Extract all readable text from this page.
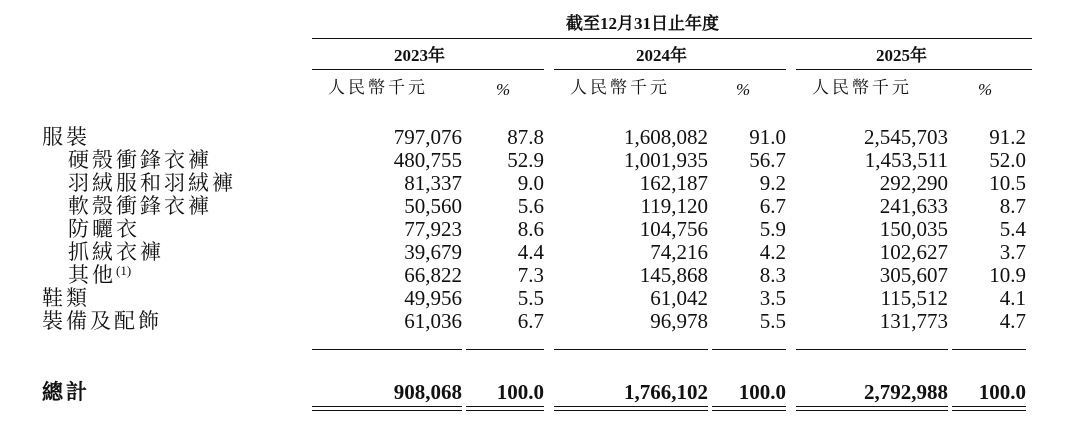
截至12月31日止年度
2023年	2024年	2025年
人民幣千元	%	人民幣千元	%	人民幣千元	%
服裝	797,076 87.8	1,608,082 91.0	2,545,703 91.2
硬殼衝鋒衣褲	480,755 52.9	1,001,935 56.7	1,453,511 52.0
羽絨服和羽絨褲	81,337	9.0	162,187 9.2	292,290 10.5
軟殼衝鋒衣褲	50,560	5.6	119,120 6.7	241,633 8.7
防曬衣	77,923	8.6	104,756 5.9	150,035 5.4
抓絨衣褲	39,679	4.4	74,216 4.2	102,627 3.7
其他$^{(1)}$	66,822	7.3	145,868 8.3	305,607 10.9
鞋類	49,956	5.5	61,042 3.5	115,512 4.1
裝備及配飾	61,036	6.7	96,978 5.5	131,773 4.7
總計	908,068 100.0	1,766,102 100.0	2,792,988 100.0
